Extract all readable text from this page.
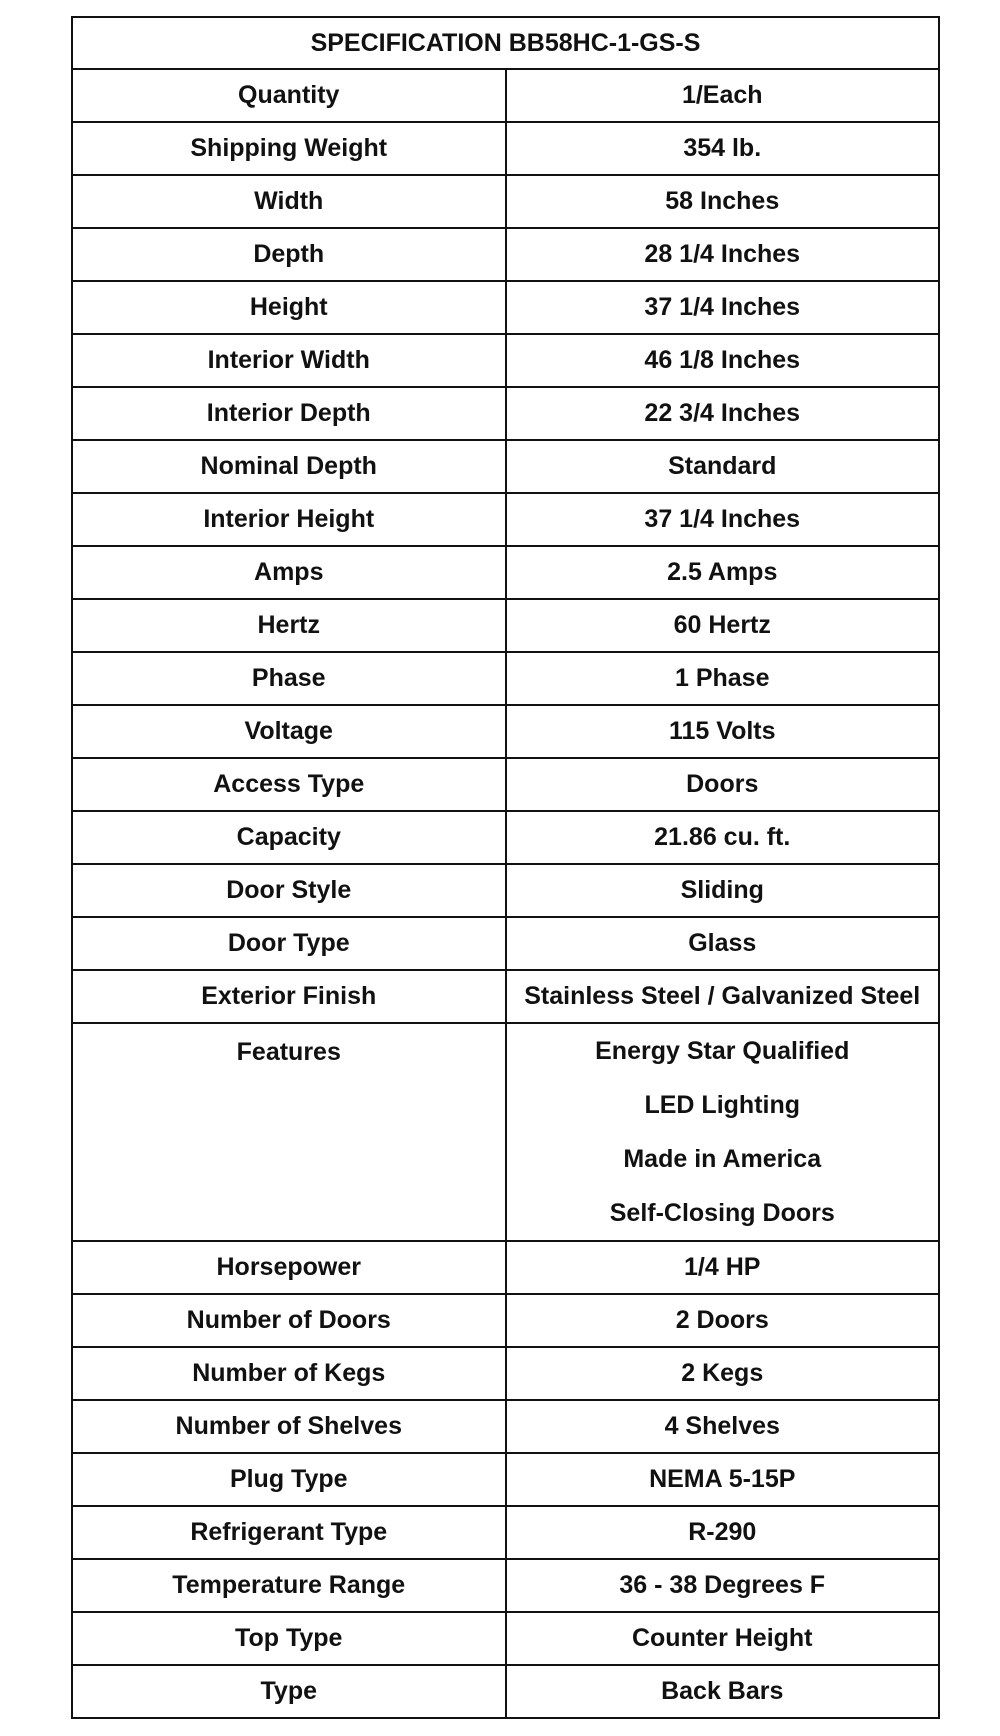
SPECIFICATION BB58HC-1-GS-S	
Quantity	1/Each
Shipping Weight	354 lb.
Width	58 Inches
Depth	28 1/4 Inches
Height	37 1/4 Inches
Interior Width	46 1/8 Inches
Interior Depth	22 3/4 Inches
Nominal Depth	Standard
Interior Height	37 1/4 Inches
Amps	2.5 Amps
Hertz	60 Hertz
Phase	1 Phase
Voltage	115 Volts
Access Type	Doors
Capacity	21.86 cu. ft.
Door Style	Sliding
Door Type	Glass
Exterior Finish	Stainless Steel / Galvanized Steel

Features	Energy Star Qualified
LED Lighting
Made in America
Self-Closing Doors

Horsepower	1/4 HP
Number of Doors	2 Doors
Number of Kegs	2 Kegs
Number of Shelves	4 Shelves
Plug Type	NEMA 5-15P
Refrigerant Type	R-290
Temperature Range	36 - 38 Degrees F
Top Type	Counter Height
Type	Back Bars
